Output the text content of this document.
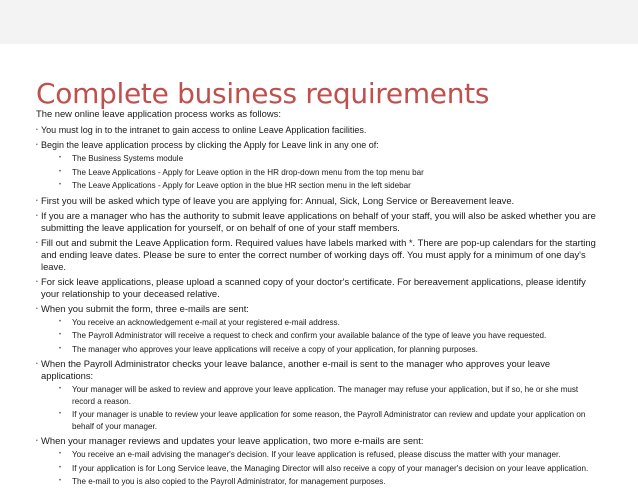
Complete business requirements

The new online leave application process works as follows:

• You must log in to the intranet to gain access to online Leave Application facilities.
• Begin the leave application process by clicking the Apply for Leave link in any one of:
• The Business Systems module
• The Leave Applications - Apply for Leave option in the HR drop-down menu from the top menu bar
• The Leave Applications - Apply for Leave option in the blue HR section menu in the left sidebar
• First you will be asked which type of leave you are applying for: Annual, Sick, Long Service or Bereavement leave.
• If you are a manager who has the authority to submit leave applications on behalf of your staff, you will also be asked whether you are submitting the leave application for yourself, or on behalf of one of your staff members.
• Fill out and submit the Leave Application form. Required values have labels marked with *. There are pop-up calendars for the starting and ending leave dates. Please be sure to enter the correct number of working days off. You must apply for a minimum of one day's leave.
• For sick leave applications, please upload a scanned copy of your doctor's certificate. For bereavement applications, please identify your relationship to your deceased relative.
• When you submit the form, three e-mails are sent:
• You receive an acknowledgement e-mail at your registered e-mail address.
• The Payroll Administrator will receive a request to check and confirm your available balance of the type of leave you have requested.
• The manager who approves your leave applications will receive a copy of your application, for planning purposes.
• When the Payroll Administrator checks your leave balance, another e-mail is sent to the manager who approves your leave applications:
• Your manager will be asked to review and approve your leave application. The manager may refuse your application, but if so, he or she must record a reason.
• If your manager is unable to review your leave application for some reason, the Payroll Administrator can review and update your application on behalf of your manager.
• When your manager reviews and updates your leave application, two more e-mails are sent:
• You receive an e-mail advising the manager's decision. If your leave application is refused, please discuss the matter with your manager.
• If your application is for Long Service leave, the Managing Director will also receive a copy of your manager's decision on your leave application.
• The e-mail to you is also copied to the Payroll Administrator, for management purposes.
